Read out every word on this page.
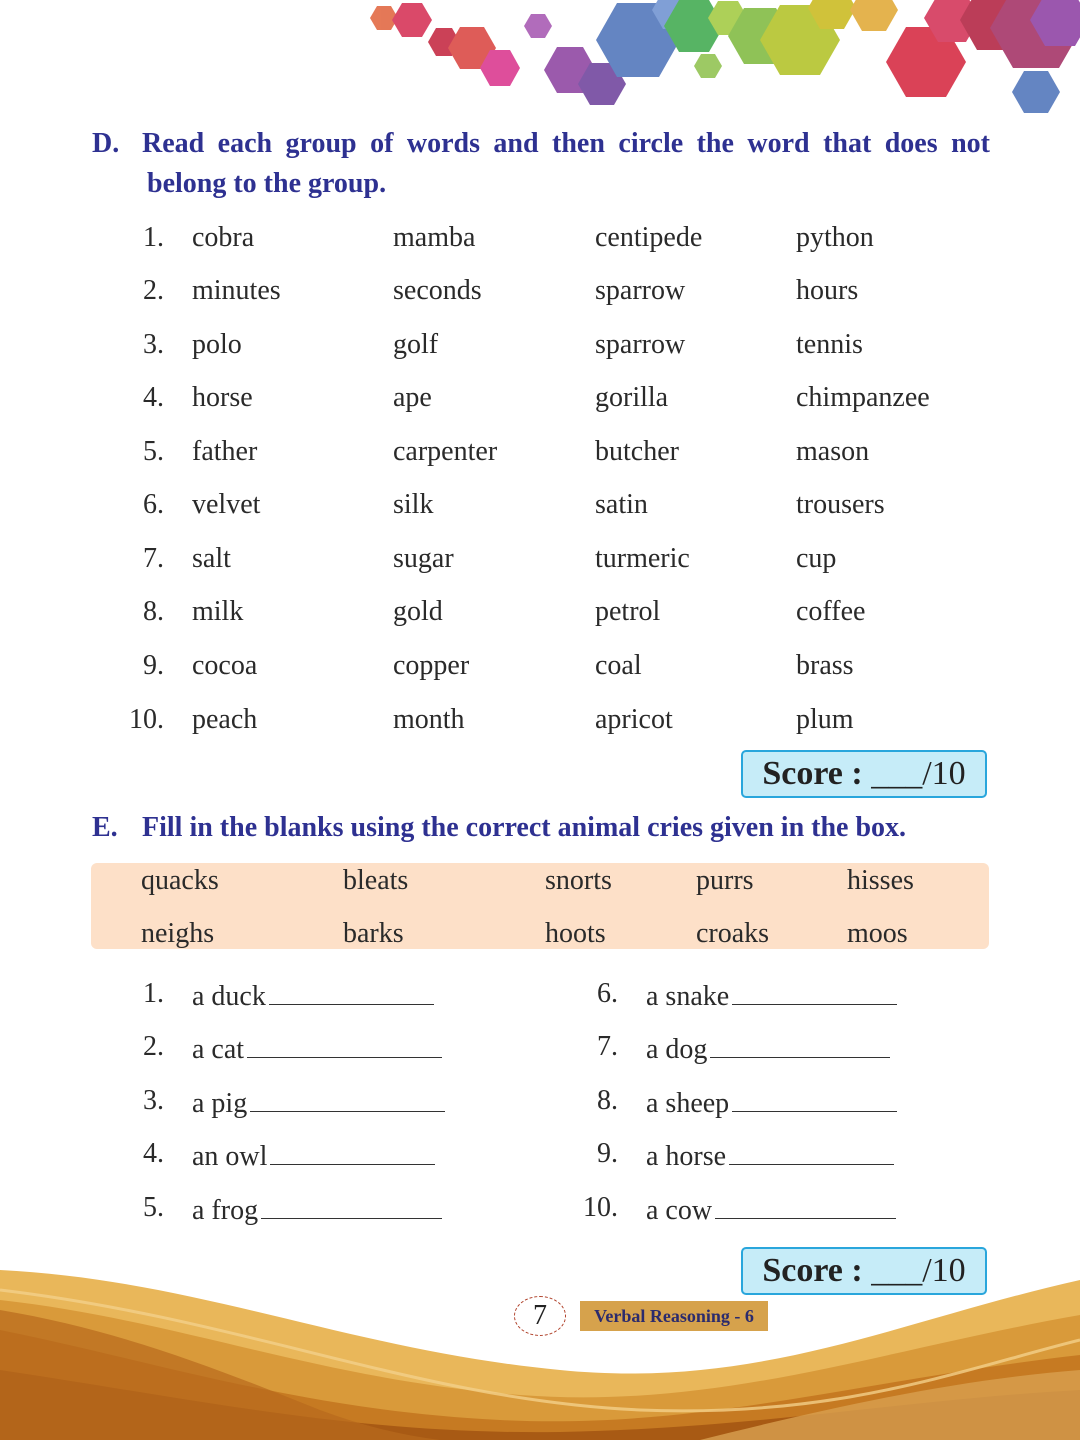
D. Read each group of words and then circle the word that does not
belong to the group.
1. cobra	mamba	centipede	python
2. minutes	seconds	sparrow	hours
3. polo	golf	sparrow	tennis
4. horse	ape	gorilla	chimpanzee
5. father	carpenter	butcher	mason
6. velvet	silk	satin	trousers
7. salt	sugar	turmeric	cup
8. milk	gold	petrol	coffee
9. cocoa	copper	coal	brass
10. peach	month	apricot	plum
Score : ___/10
E. Fill in the blanks using the correct animal cries given in the box.
quacks	bleats	snorts	purrs	hisses
neighs	barks	hoots	croaks	moos
1. a duck
2. a cat
3. a pig
4. an owl
5. a frog
6. a snake
7. a dog
8. a sheep
9. a horse
10. a cow
Score : ___/10
7	Verbal Reasoning - 6
